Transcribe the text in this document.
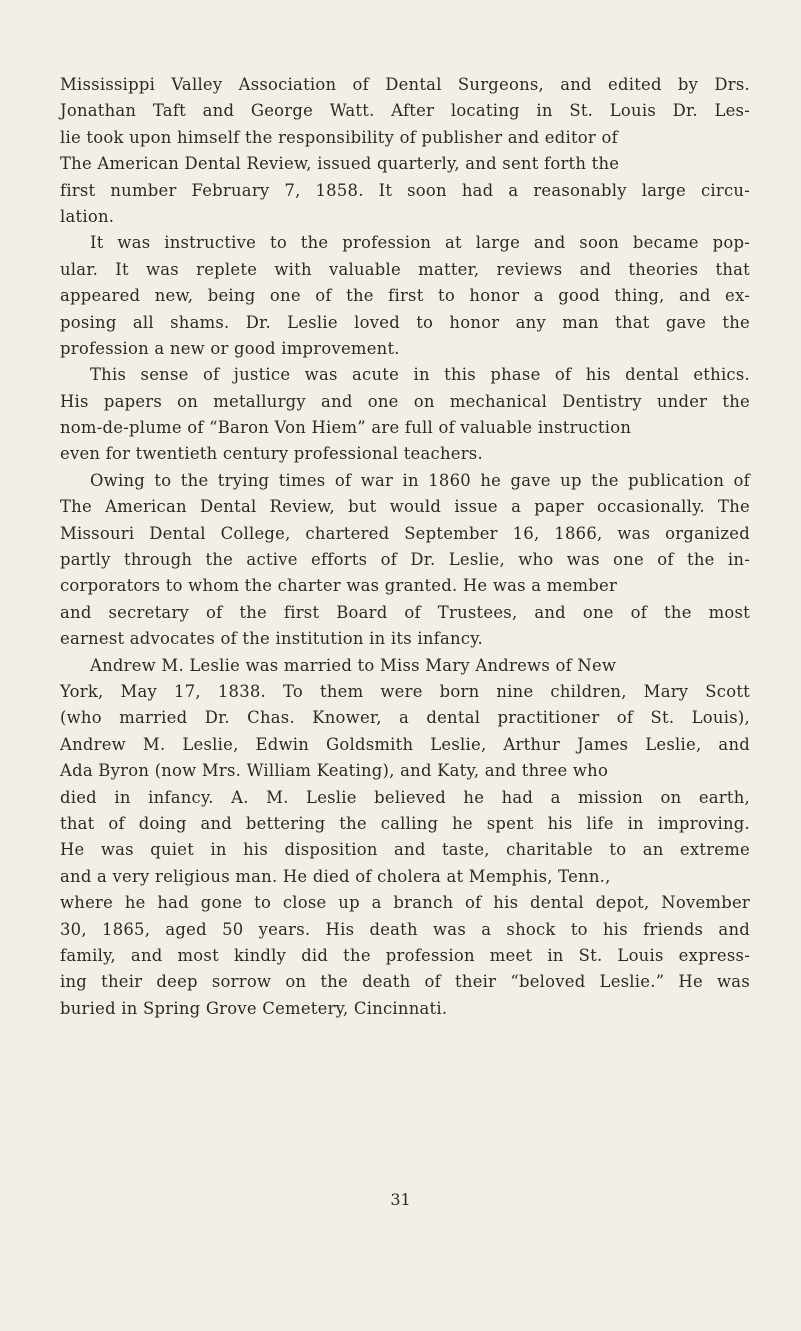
Mississippi Valley Association of Dental Surgeons, and edited by Drs.
Jonathan Taft and George Watt. After locating in St. Louis Dr. Les-
lie took upon himself the responsibility of publisher and editor of
The American Dental Review, issued quarterly, and sent forth the
first number February 7, 1858. It soon had a reasonably large circu-
lation.
It was instructive to the profession at large and soon became pop-
ular. It was replete with valuable matter, reviews and theories that
appeared new, being one of the first to honor a good thing, and ex-
posing all shams. Dr. Leslie loved to honor any man that gave the
profession a new or good improvement.
This sense of justice was acute in this phase of his dental ethics.
His papers on metallurgy and one on mechanical Dentistry under the
nom-de-plume of “Baron Von Hiem” are full of valuable instruction
even for twentieth century professional teachers.
Owing to the trying times of war in 1860 he gave up the publication of
The American Dental Review, but would issue a paper occasionally. The
Missouri Dental College, chartered September 16, 1866, was organized
partly through the active efforts of Dr. Leslie, who was one of the in-
corporators to whom the charter was granted. He was a member
and secretary of the first Board of Trustees, and one of the most
earnest advocates of the institution in its infancy.
Andrew M. Leslie was married to Miss Mary Andrews of New
York, May 17, 1838. To them were born nine children, Mary Scott
(who married Dr. Chas. Knower, a dental practitioner of St. Louis),
Andrew M. Leslie, Edwin Goldsmith Leslie, Arthur James Leslie, and
Ada Byron (now Mrs. William Keating), and Katy, and three who
died in infancy. A. M. Leslie believed he had a mission on earth,
that of doing and bettering the calling he spent his life in improving.
He was quiet in his disposition and taste, charitable to an extreme
and a very religious man. He died of cholera at Memphis, Tenn.,
where he had gone to close up a branch of his dental depot, November
30, 1865, aged 50 years. His death was a shock to his friends and
family, and most kindly did the profession meet in St. Louis express-
ing their deep sorrow on the death of their “beloved Leslie.” He was
buried in Spring Grove Cemetery, Cincinnati.
31
